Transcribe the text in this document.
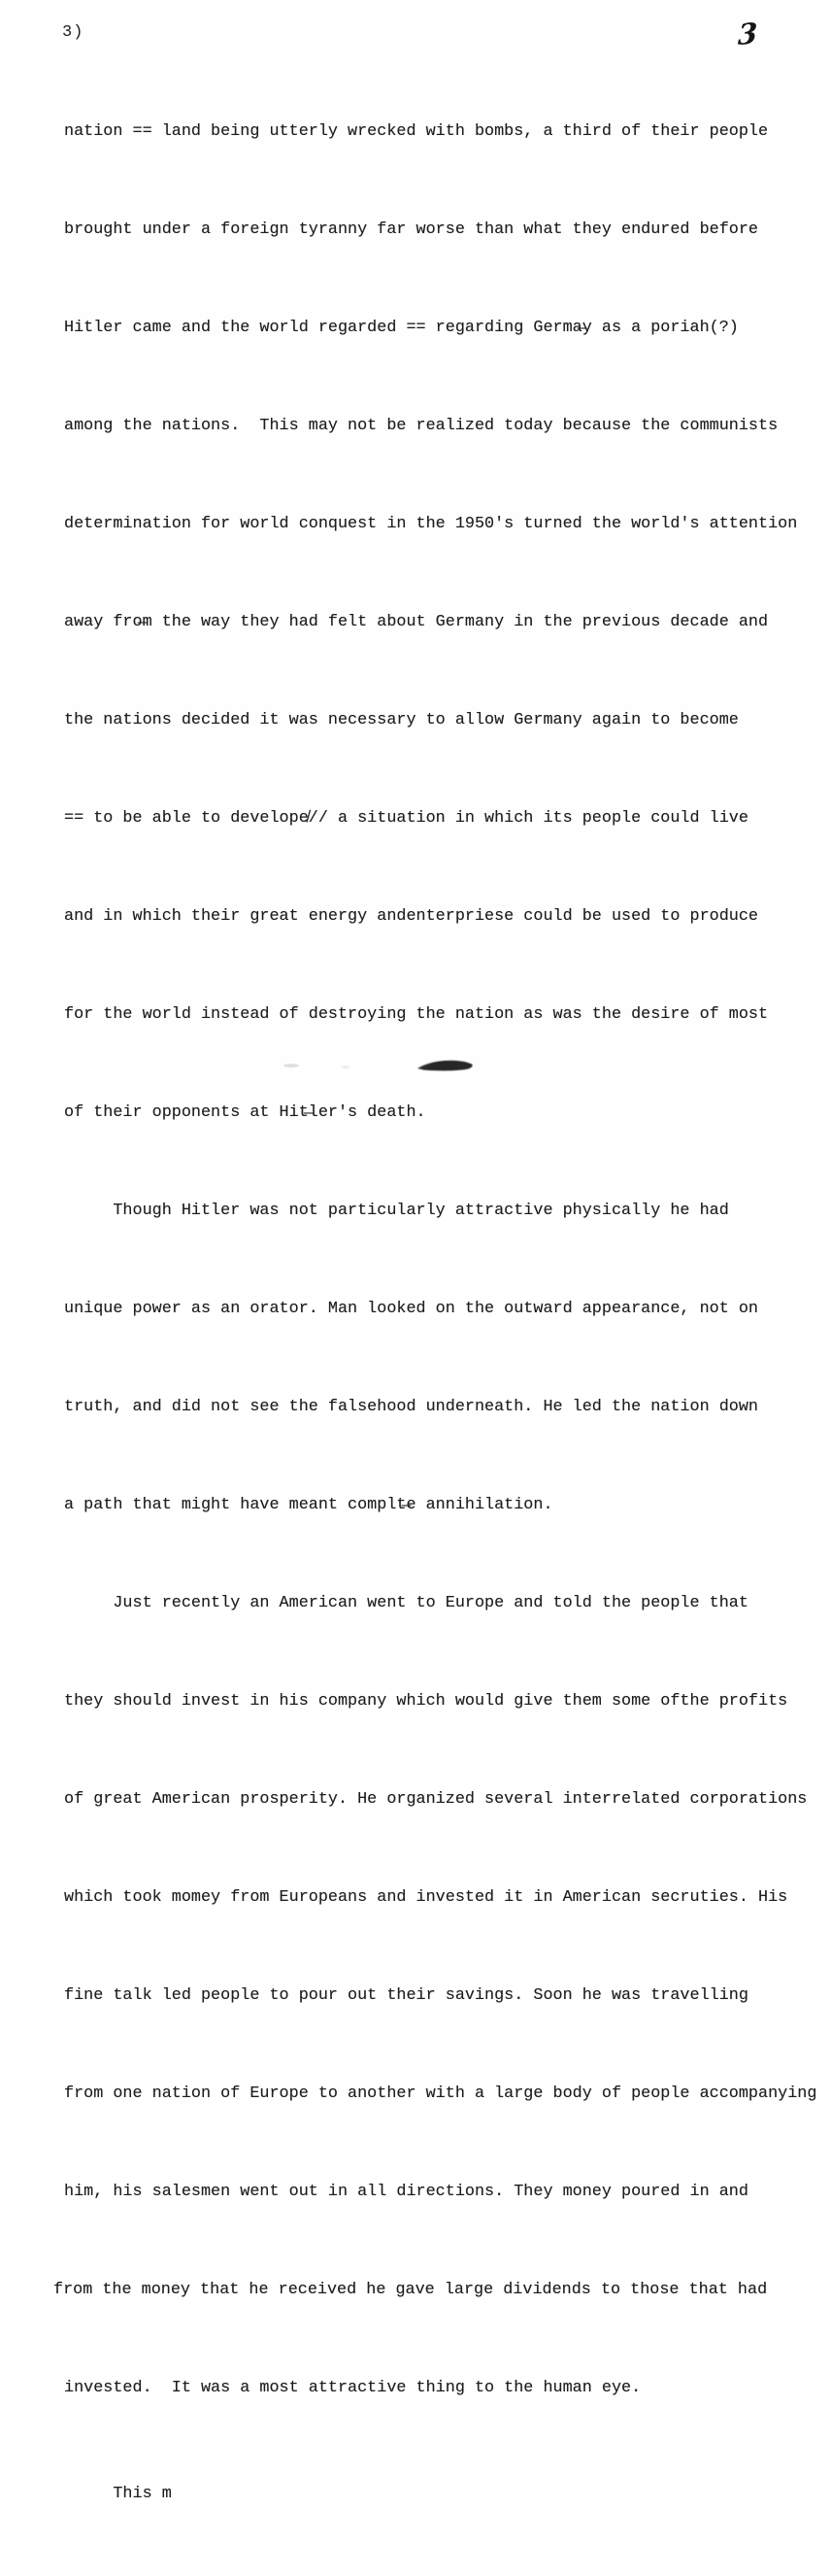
3)	3

nation == land being utterly wrecked with bombs, a third of their people

brought under a foreign tyranny far worse than what they endured before

Hitler came and the world regarded == regarding Germa̶y as a poriah(?)

among the nations.  This may not be realized today because the communists

determination for world conquest in the 1950's turned the world's attention

away fro̶m the way they had felt about Germany in the previous decade and

the nations decided it was necessary to allow Germany again to become

== to be able to develope̸// a situation in which its people could live

and in which their great energy andenterpriese could be used to produce

for the world instead of destroying the nation as was the desire of most

of their opponents at Hit̶ler's death.

Though Hitler was not particularly attractive physically he had

unique power as an orator. Man looked on the outward appearance, not on

truth, and did not see the falsehood underneath. He led the nation down

a path that might have meant complt̶e annihilation.

Just recently an American went to Europe and told the people that

they should invest in his company which would give them some ofthe profits

of great American prosperity. He organized several interrelated corporations

which took momey from Europeans and invested it in American secruties. His

fine talk led people to pour out their savings. Soon he was travelling

from one nation of Europe to another with a large body of people accompanying

him, his salesmen went out in all directions. They money poured in and

from the money that he received he gave large dividends to those that had

invested.  It was a most attractive thing to the human eye.

This m
